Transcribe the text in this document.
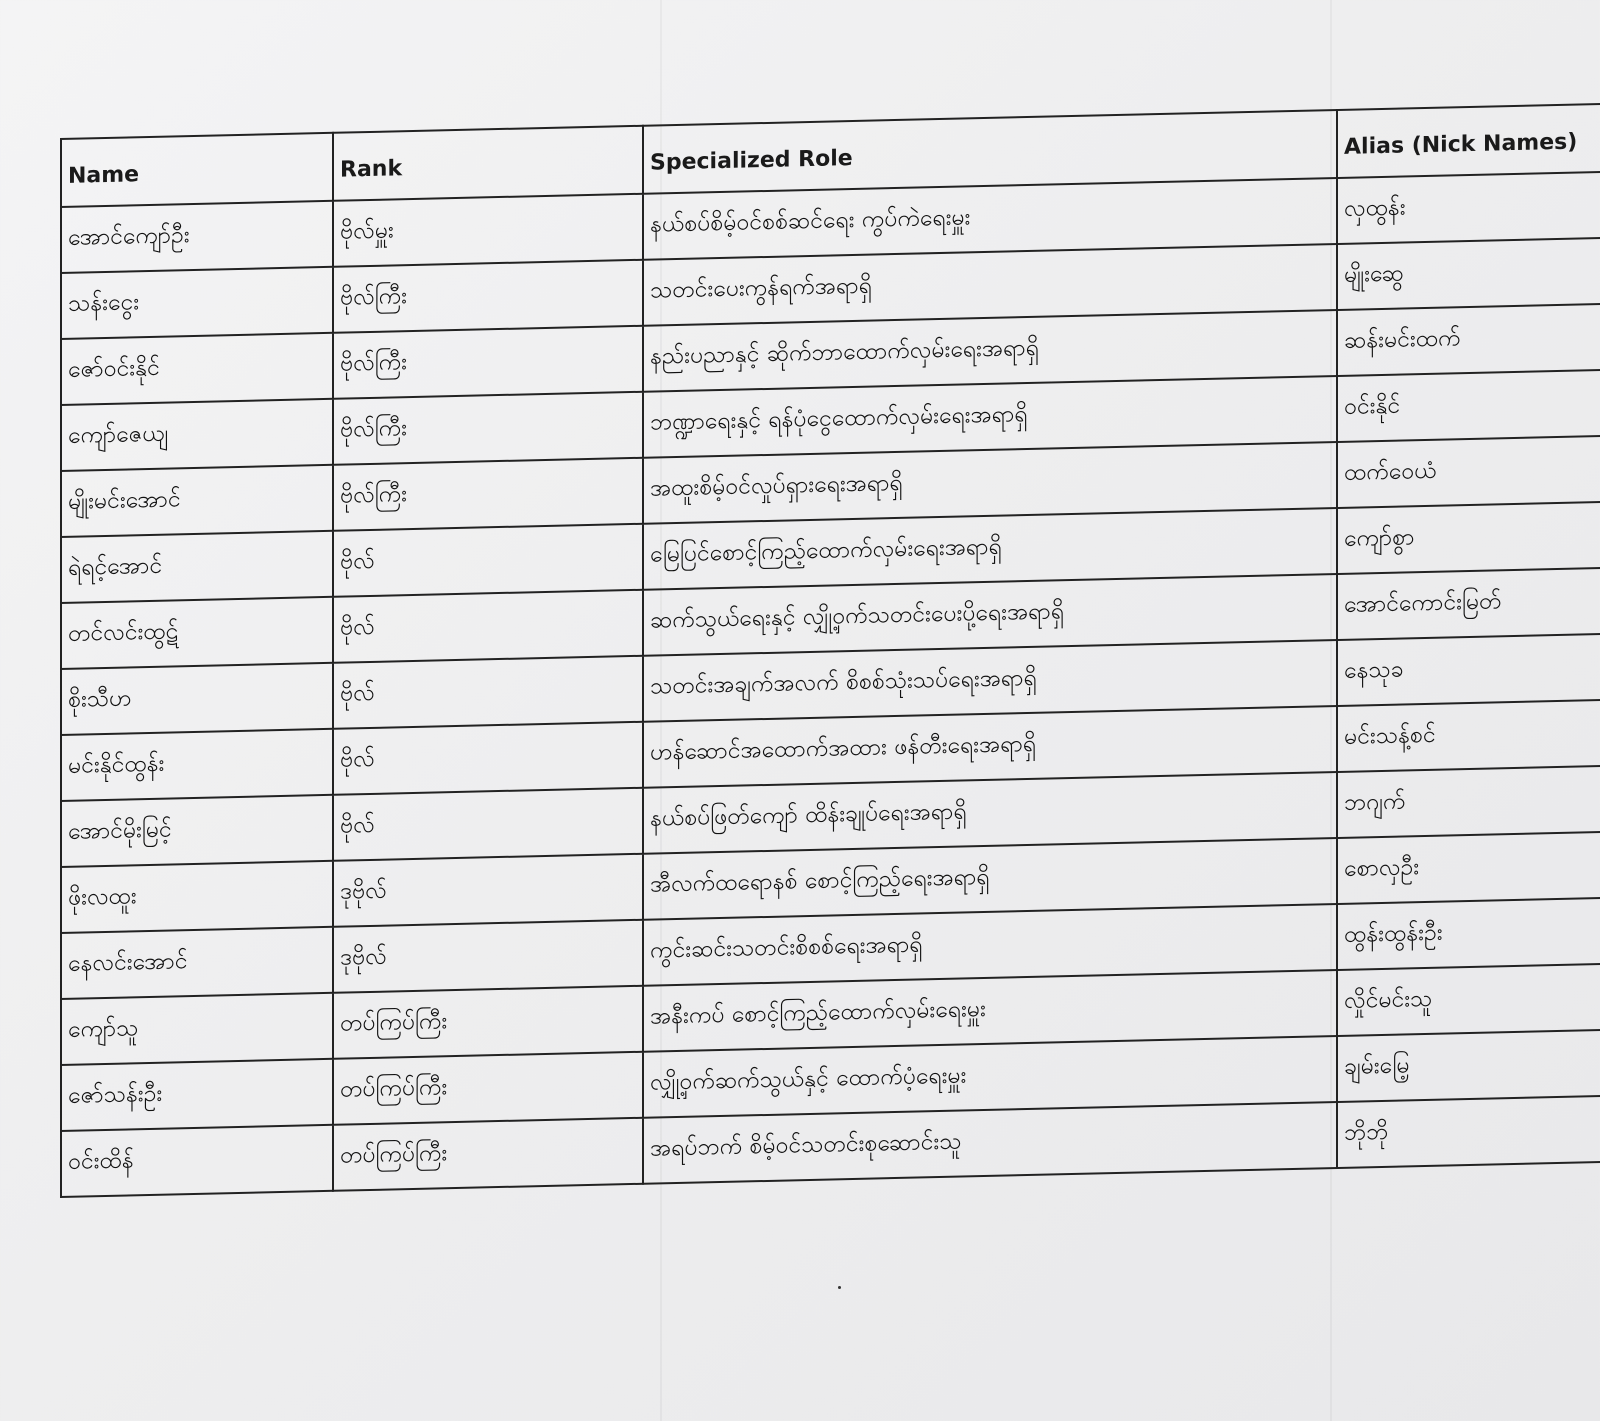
Name	Rank	Specialized Role	Alias (Nick Names)
အောင်ကျော်ဦး	ဗိုလ်မှူး	နယ်စပ်စိမ့်ဝင်စစ်ဆင်ရေး ကွပ်ကဲရေးမှူး	လှထွန်း
သန်းငွေး	ဗိုလ်ကြီး	သတင်းပေးကွန်ရက်အရာရှိ	မျိုးဆွေ
ဇော်ဝင်းနိုင်	ဗိုလ်ကြီး	နည်းပညာနှင့် ဆိုက်ဘာထောက်လှမ်းရေးအရာရှိ	ဆန်းမင်းထက်
ကျော်ဇေယျ	ဗိုလ်ကြီး	ဘဏ္ဍာရေးနှင့် ရန်ပုံငွေထောက်လှမ်းရေးအရာရှိ	ဝင်းနိုင်
မျိုးမင်းအောင်	ဗိုလ်ကြီး	အထူးစိမ့်ဝင်လှုပ်ရှားရေးအရာရှိ	ထက်ဝေယံ
ရဲရင့်အောင်	ဗိုလ်	မြေပြင်စောင့်ကြည့်ထောက်လှမ်းရေးအရာရှိ	ကျော်စွာ
တင်လင်းထွဋ်	ဗိုလ်	ဆက်သွယ်ရေးနှင့် လျှို့ဝှက်သတင်းပေးပို့ရေးအရာရှိ	အောင်ကောင်းမြတ်
စိုးသီဟ	ဗိုလ်	သတင်းအချက်အလက် စိစစ်သုံးသပ်ရေးအရာရှိ	နေသုခ
မင်းနိုင်ထွန်း	ဗိုလ်	ဟန်ဆောင်အထောက်အထား ဖန်တီးရေးအရာရှိ	မင်းသန့်စင်
အောင်မိုးမြင့်	ဗိုလ်	နယ်စပ်ဖြတ်ကျော် ထိန်းချုပ်ရေးအရာရှိ	ဘဂျက်
ဖိုးလထူး	ဒုဗိုလ်	အီလက်ထရောနစ် စောင့်ကြည့်ရေးအရာရှိ	စောလှဦး
နေလင်းအောင်	ဒုဗိုလ်	ကွင်းဆင်းသတင်းစိစစ်ရေးအရာရှိ	ထွန်းထွန်းဦး
ကျော်သူ	တပ်ကြပ်ကြီး	အနီးကပ် စောင့်ကြည့်ထောက်လှမ်းရေးမှူး	လှိုင်မင်းသူ
ဇော်သန်းဦး	တပ်ကြပ်ကြီး	လျှို့ဝှက်ဆက်သွယ်နှင့် ထောက်ပံ့ရေးမှူး	ချမ်းမြေ့
ဝင်းထိန်	တပ်ကြပ်ကြီး	အရပ်ဘက် စိမ့်ဝင်သတင်းစုဆောင်းသူ	ဘိုဘို
